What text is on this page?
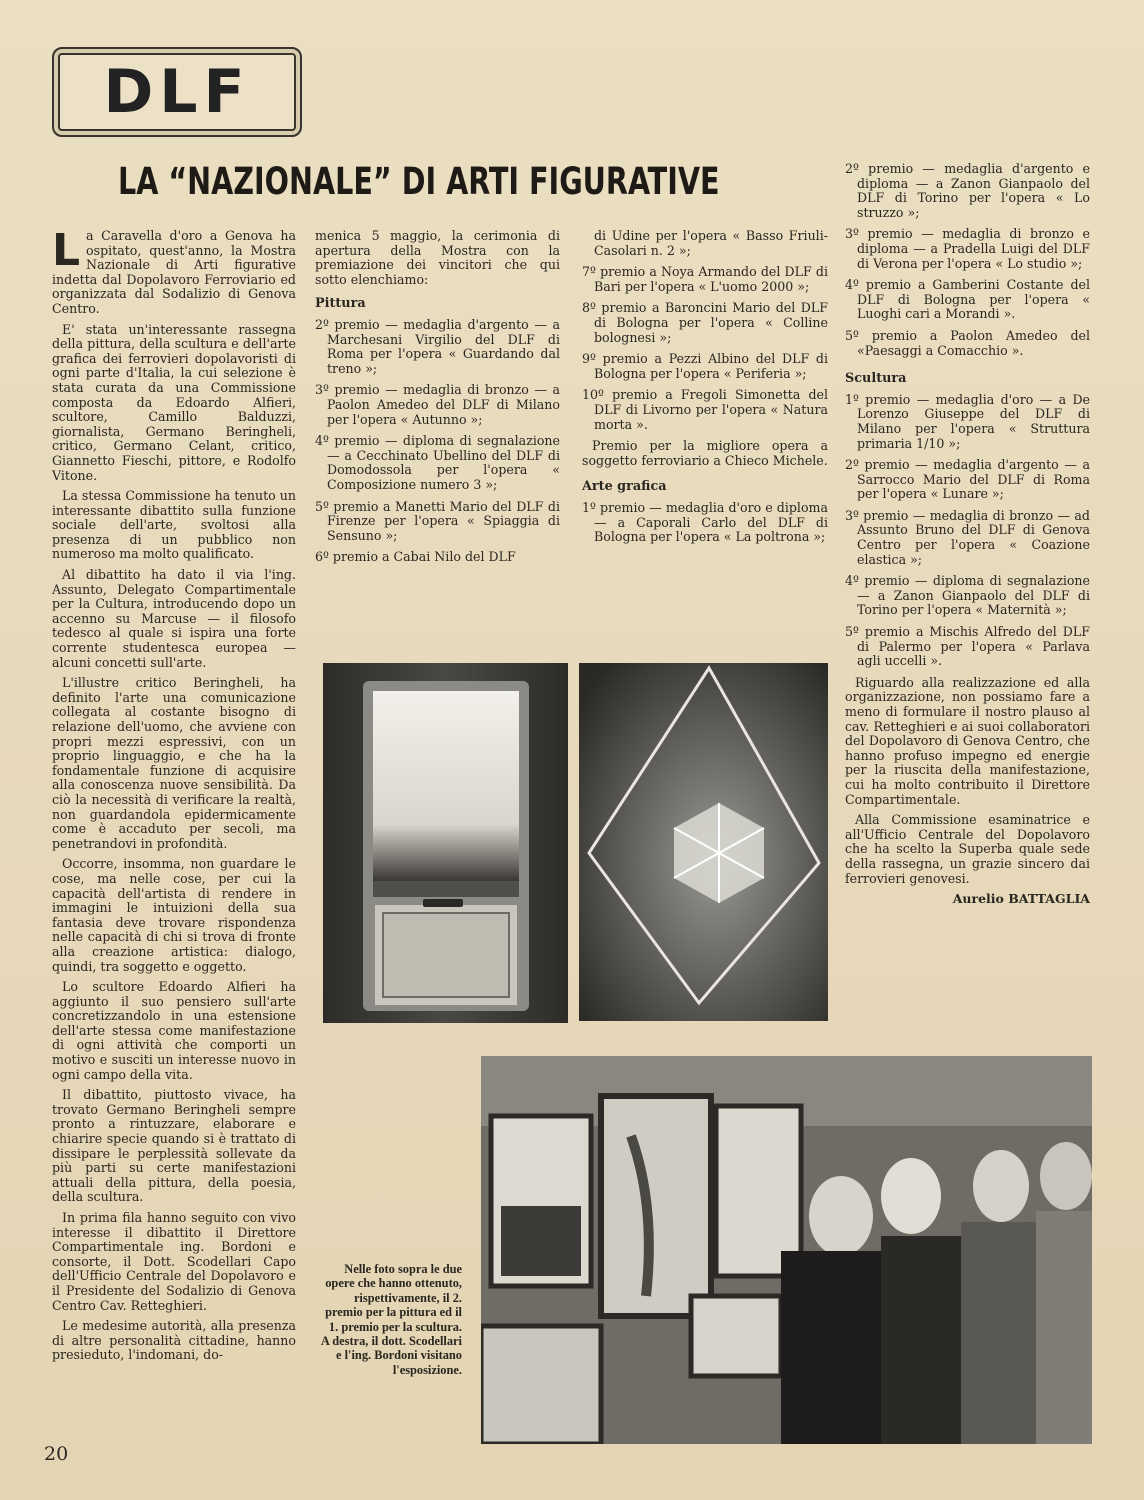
DLF
LA “NAZIONALE” DI ARTI FIGURATIVE

La Caravella d'oro a Genova ha ospitato, quest'anno, la Mostra Nazionale di Arti figurative indetta dal Dopolavoro Ferroviario ed organizzata dal Sodalizio di Genova Centro.

E' stata un'interessante rassegna della pittura, della scultura e dell'arte grafica dei ferrovieri dopolavoristi di ogni parte d'Italia, la cui selezione è stata curata da una Commissione composta da Edoardo Alfieri, scultore, Camillo Balduzzi, giornalista, Germano Beringheli, critico, Germano Celant, critico, Giannetto Fieschi, pittore, e Rodolfo Vitone.

La stessa Commissione ha tenuto un interessante dibattito sulla funzione sociale dell'arte, svoltosi alla presenza di un pubblico non numeroso ma molto qualificato.

Al dibattito ha dato il via l'ing. Assunto, Delegato Compartimentale per la Cultura, introducendo dopo un accenno su Marcuse — il filosofo tedesco al quale si ispira una forte corrente studentesca europea — alcuni concetti sull'arte.

L'illustre critico Beringheli, ha definito l'arte una comunicazione collegata al costante bisogno di relazione dell'uomo, che avviene con propri mezzi espressivi, con un proprio linguaggio, e che ha la fondamentale funzione di acquisire alla conoscenza nuove sensibilità. Da ciò la necessità di verificare la realtà, non guardandola epidermicamente come è accaduto per secoli, ma penetrandovi in profondità.

Occorre, insomma, non guardare le cose, ma nelle cose, per cui la capacità dell'artista di rendere in immagini le intuizioni della sua fantasia deve trovare rispondenza nelle capacità di chi si trova di fronte alla creazione artistica: dialogo, quindi, tra soggetto e oggetto.

Lo scultore Edoardo Alfieri ha aggiunto il suo pensiero sull'arte concretizzandolo in una estensione dell'arte stessa come manifestazione di ogni attività che comporti un motivo e susciti un interesse nuovo in ogni campo della vita.

Il dibattito, piuttosto vivace, ha trovato Germano Beringheli sempre pronto a rintuzzare, elaborare e chiarire specie quando si è trattato di dissipare le perplessità sollevate da più parti su certe manifestazioni attuali della pittura, della poesia, della scultura.

In prima fila hanno seguito con vivo interesse il dibattito il Direttore Compartimentale ing. Bordoni e consorte, il Dott. Scodellari Capo dell'Ufficio Centrale del Dopolavoro e il Presidente del Sodalizio di Genova Centro Cav. Retteghieri.

Le medesime autorità, alla presenza di altre personalità cittadine, hanno presieduto, l'indomani, do-

menica 5 maggio, la cerimonia di apertura della Mostra con la premiazione dei vincitori che qui sotto elenchiamo:

Pittura
2º premio — medaglia d'argento — a Marchesani Virgilio del DLF di Roma per l'opera « Guardando dal treno »;
3º premio — medaglia di bronzo — a Paolon Amedeo del DLF di Milano per l'opera « Autunno »;
4º premio — diploma di segnalazione — a Cecchinato Ubellino del DLF di Domodossola per l'opera « Composizione numero 3 »;
5º premio a Manetti Mario del DLF di Firenze per l'opera « Spiaggia di Sensuno »;
6º premio a Cabai Nilo del DLF
di Udine per l'opera « Basso Friuli-Casolari n. 2 »;
7º premio a Noya Armando del DLF di Bari per l'opera « L'uomo 2000 »;
8º premio a Baroncini Mario del DLF di Bologna per l'opera « Colline bolognesi »;
9º premio a Pezzi Albino del DLF di Bologna per l'opera « Periferia »;
10º premio a Fregoli Simonetta del DLF di Livorno per l'opera « Natura morta ».

Premio per la migliore opera a soggetto ferroviario a Chieco Michele.

Arte grafica
1º premio — medaglia d'oro e diploma — a Caporali Carlo del DLF di Bologna per l'opera « La poltrona »;
2º premio — medaglia d'argento e diploma — a Zanon Gianpaolo del DLF di Torino per l'opera « Lo struzzo »;
3º premio — medaglia di bronzo e diploma — a Pradella Luigi del DLF di Verona per l'opera « Lo studio »;
4º premio a Gamberini Costante del DLF di Bologna per l'opera « Luoghi cari a Morandi ».
5º premio a Paolon Amedeo del «Paesaggi a Comacchio ».
Scultura
1º premio — medaglia d'oro — a De Lorenzo Giuseppe del DLF di Milano per l'opera « Struttura primaria 1/10 »;
2º premio — medaglia d'argento — a Sarrocco Mario del DLF di Roma per l'opera « Lunare »;
3º premio — medaglia di bronzo — ad Assunto Bruno del DLF di Genova Centro per l'opera « Coazione elastica »;
4º premio — diploma di segnalazione — a Zanon Gianpaolo del DLF di Torino per l'opera « Maternità »;
5º premio a Mischis Alfredo del DLF di Palermo per l'opera « Parlava agli uccelli ».

Riguardo alla realizzazione ed alla organizzazione, non possiamo fare a meno di formulare il nostro plauso al cav. Retteghieri e ai suoi collaboratori del Dopolavoro di Genova Centro, che hanno profuso impegno ed energie per la riuscita della manifestazione, cui ha molto contribuito il Direttore Compartimentale.

Alla Commissione esaminatrice e all'Ufficio Centrale del Dopolavoro che ha scelto la Superba quale sede della rassegna, un grazie sincero dai ferrovieri genovesi.

Aurelio BATTAGLIA
Nelle foto sopra le due opere che hanno ottenuto, rispettivamente, il 2. premio per la pittura ed il 1. premio per la scultura. A destra, il dott. Scodellari e l'ing. Bordoni visitano l'esposizione.
20
